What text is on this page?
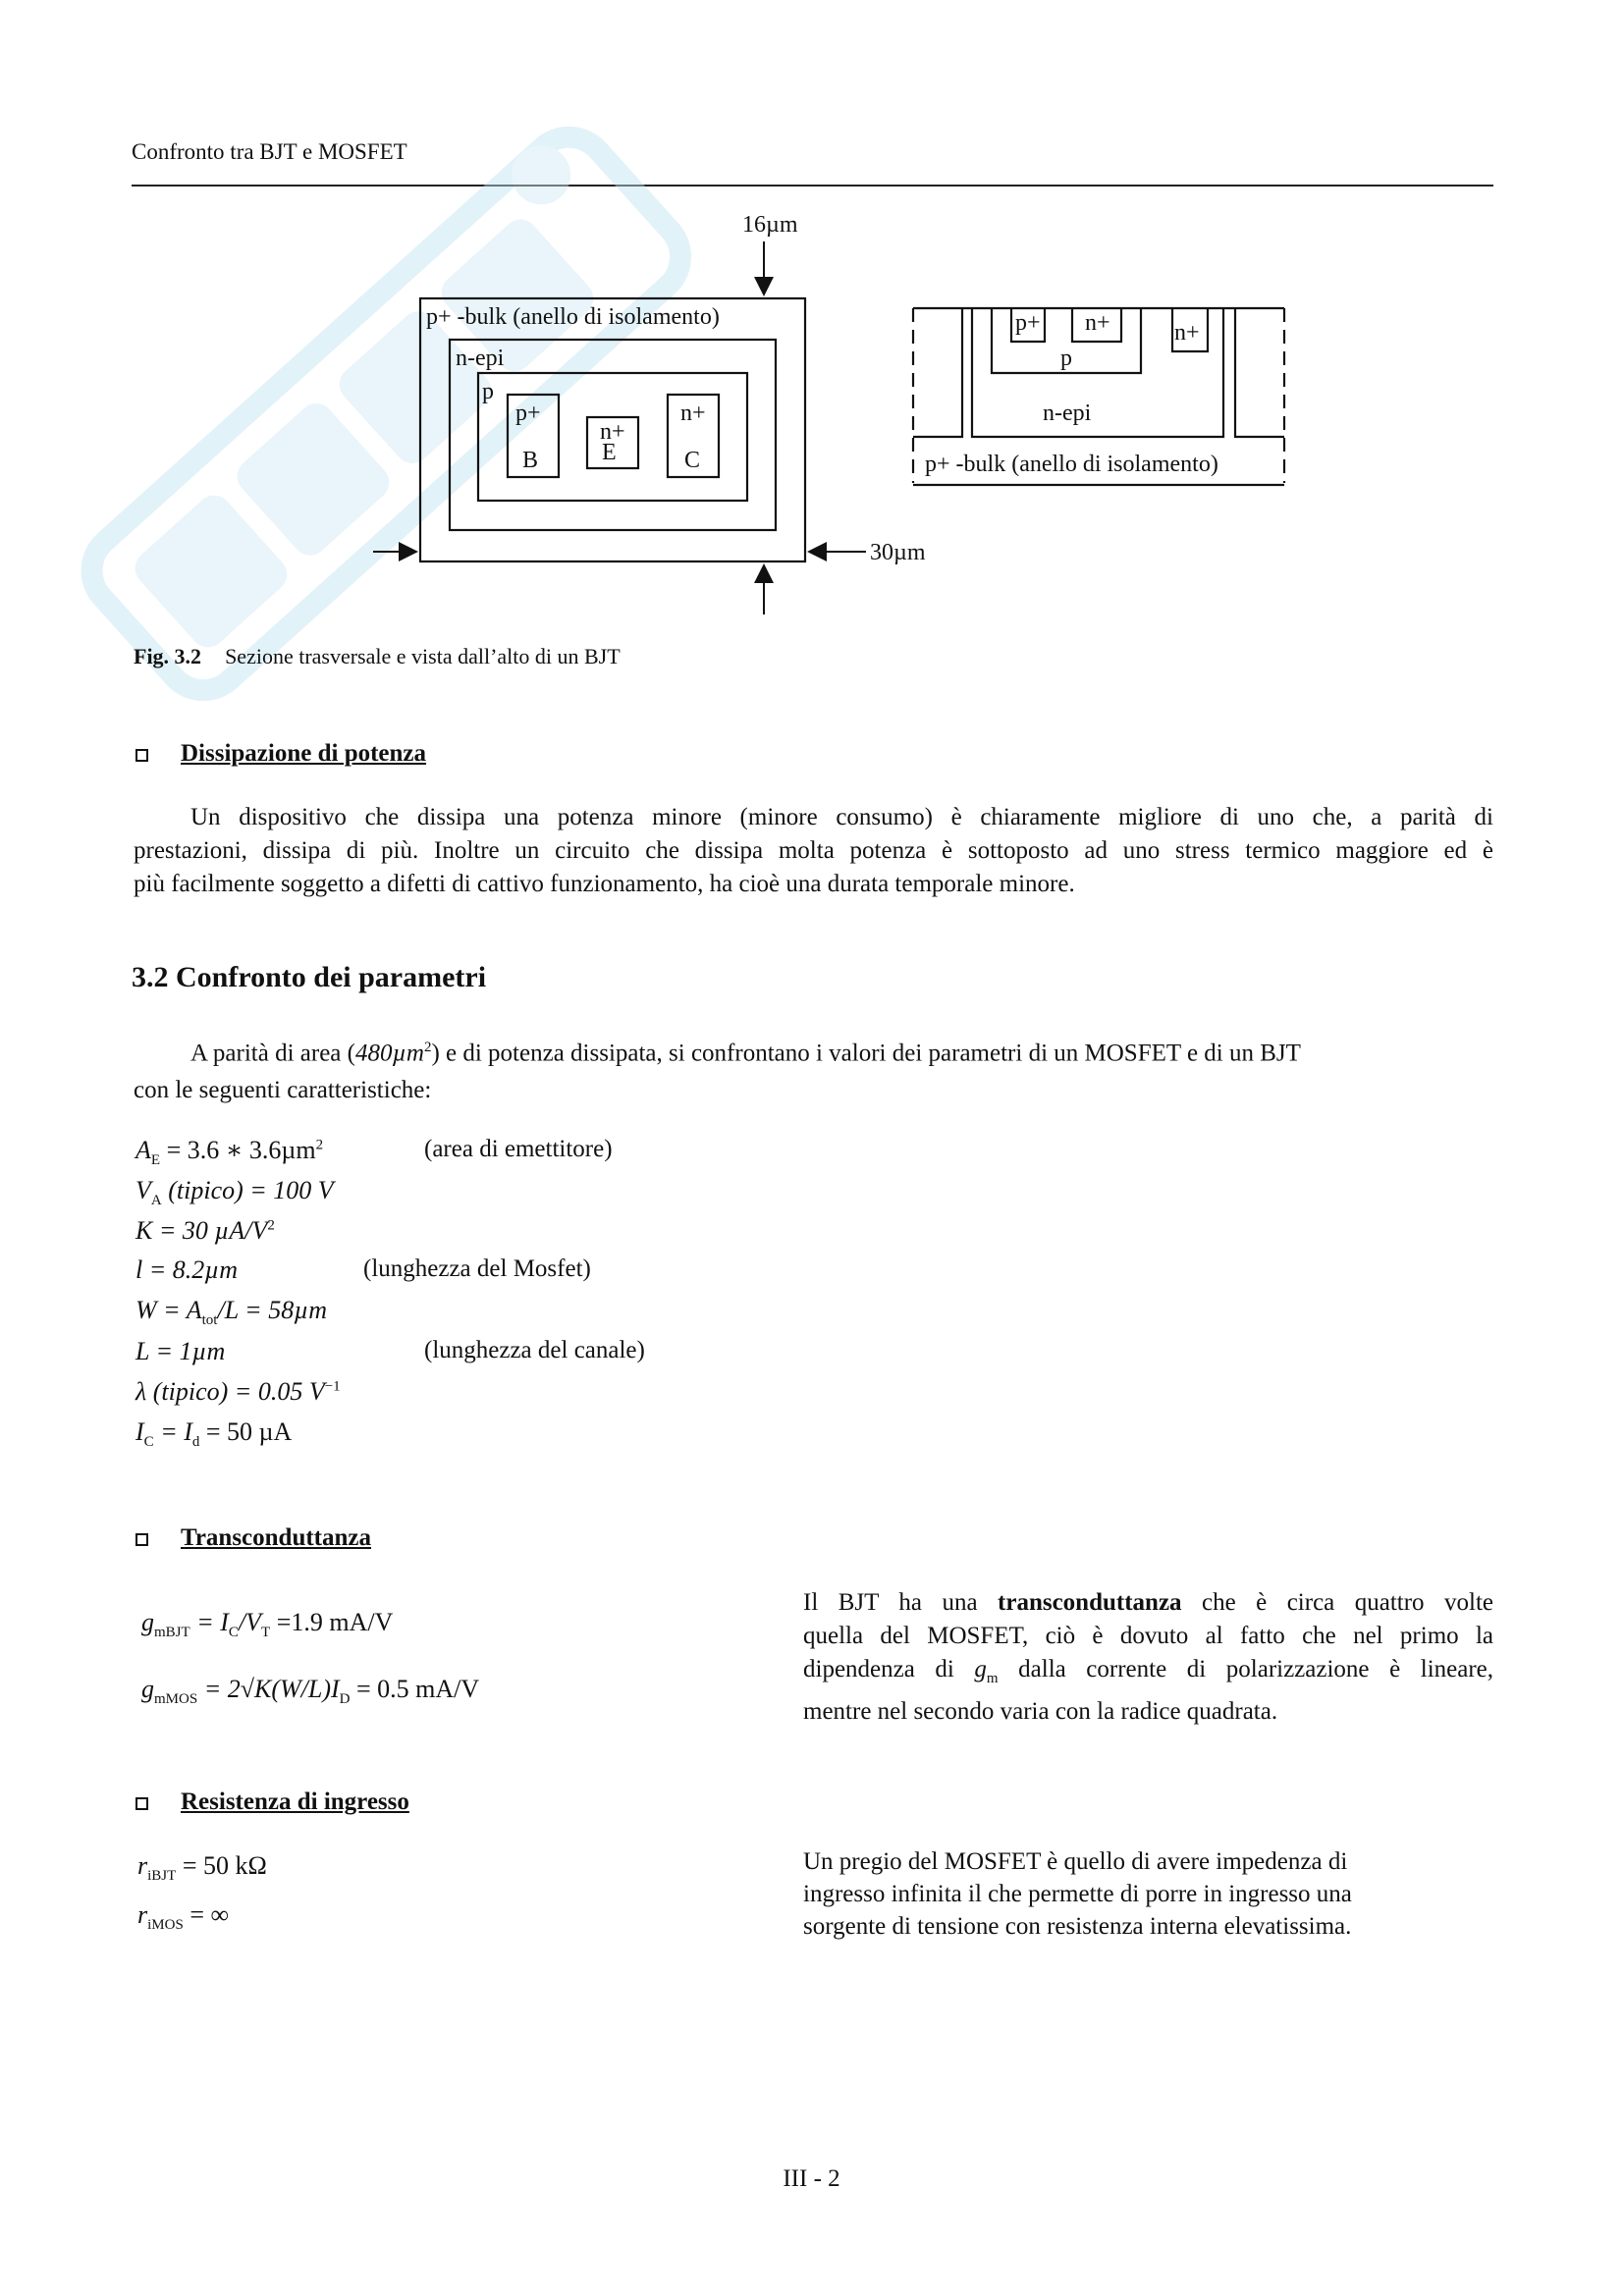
Confronto tra BJT e MOSFET
p+ -bulk (anello di isolamento)
n-epi
p
p+
B
n+
E
n+
C
16µm
30µm
p+ n+	n+
p
n-epi
p+ -bulk (anello di isolamento)
Fig. 3.2 Sezione trasversale e vista dall’alto di un BJT
Dissipazione di potenza
Un dispositivo che dissipa una potenza minore (minore consumo) è chiaramente migliore di uno che, a parità di
prestazioni, dissipa di più. Inoltre un circuito che dissipa molta potenza è sottoposto ad uno stress termico maggiore ed è
più facilmente soggetto a difetti di cattivo funzionamento, ha cioè una durata temporale minore.
3.2 Confronto dei parametri
A parità di area (480µm$^2$) e di potenza dissipata, si confrontano i valori dei parametri di un MOSFET e di un BJT
con le seguenti caratteristiche:
$A_E = 3.6$ ∗ 3.6µm$^2$	(area di emettitore)
$V_A$ (tipico) = 100 V
K = 30 $\mu A/V^2$
l = 8.2µm	(lunghezza del Mosfet)
$W = A_{tot}/L = 58\mu m$
L = 1µm	(lunghezza del canale)
λ (tipico) = 0.05 $V^{-1}$
$I_C = I_d = 50$ µA
Transconduttanza
$g_{mBJT} = I_C/V_T =1.9$ mA/V
$g_{mMOS} = 2√K(W/L)I_D = 0.5$ mA/V
Il BJT ha una transconduttanza che è circa quattro volte
quella del MOSFET, ciò è dovuto al fatto che nel primo la
dipendenza di $g_m$ dalla corrente di polarizzazione è lineare,
mentre nel secondo varia con la radice quadrata.
Resistenza di ingresso
$r_{iBJT} = 50$ kΩ
$r_{iMOS}$ = ∞
Un pregio del MOSFET è quello di avere impedenza di
ingresso infinita il che permette di porre in ingresso una
sorgente di tensione con resistenza interna elevatissima.
III - 2
